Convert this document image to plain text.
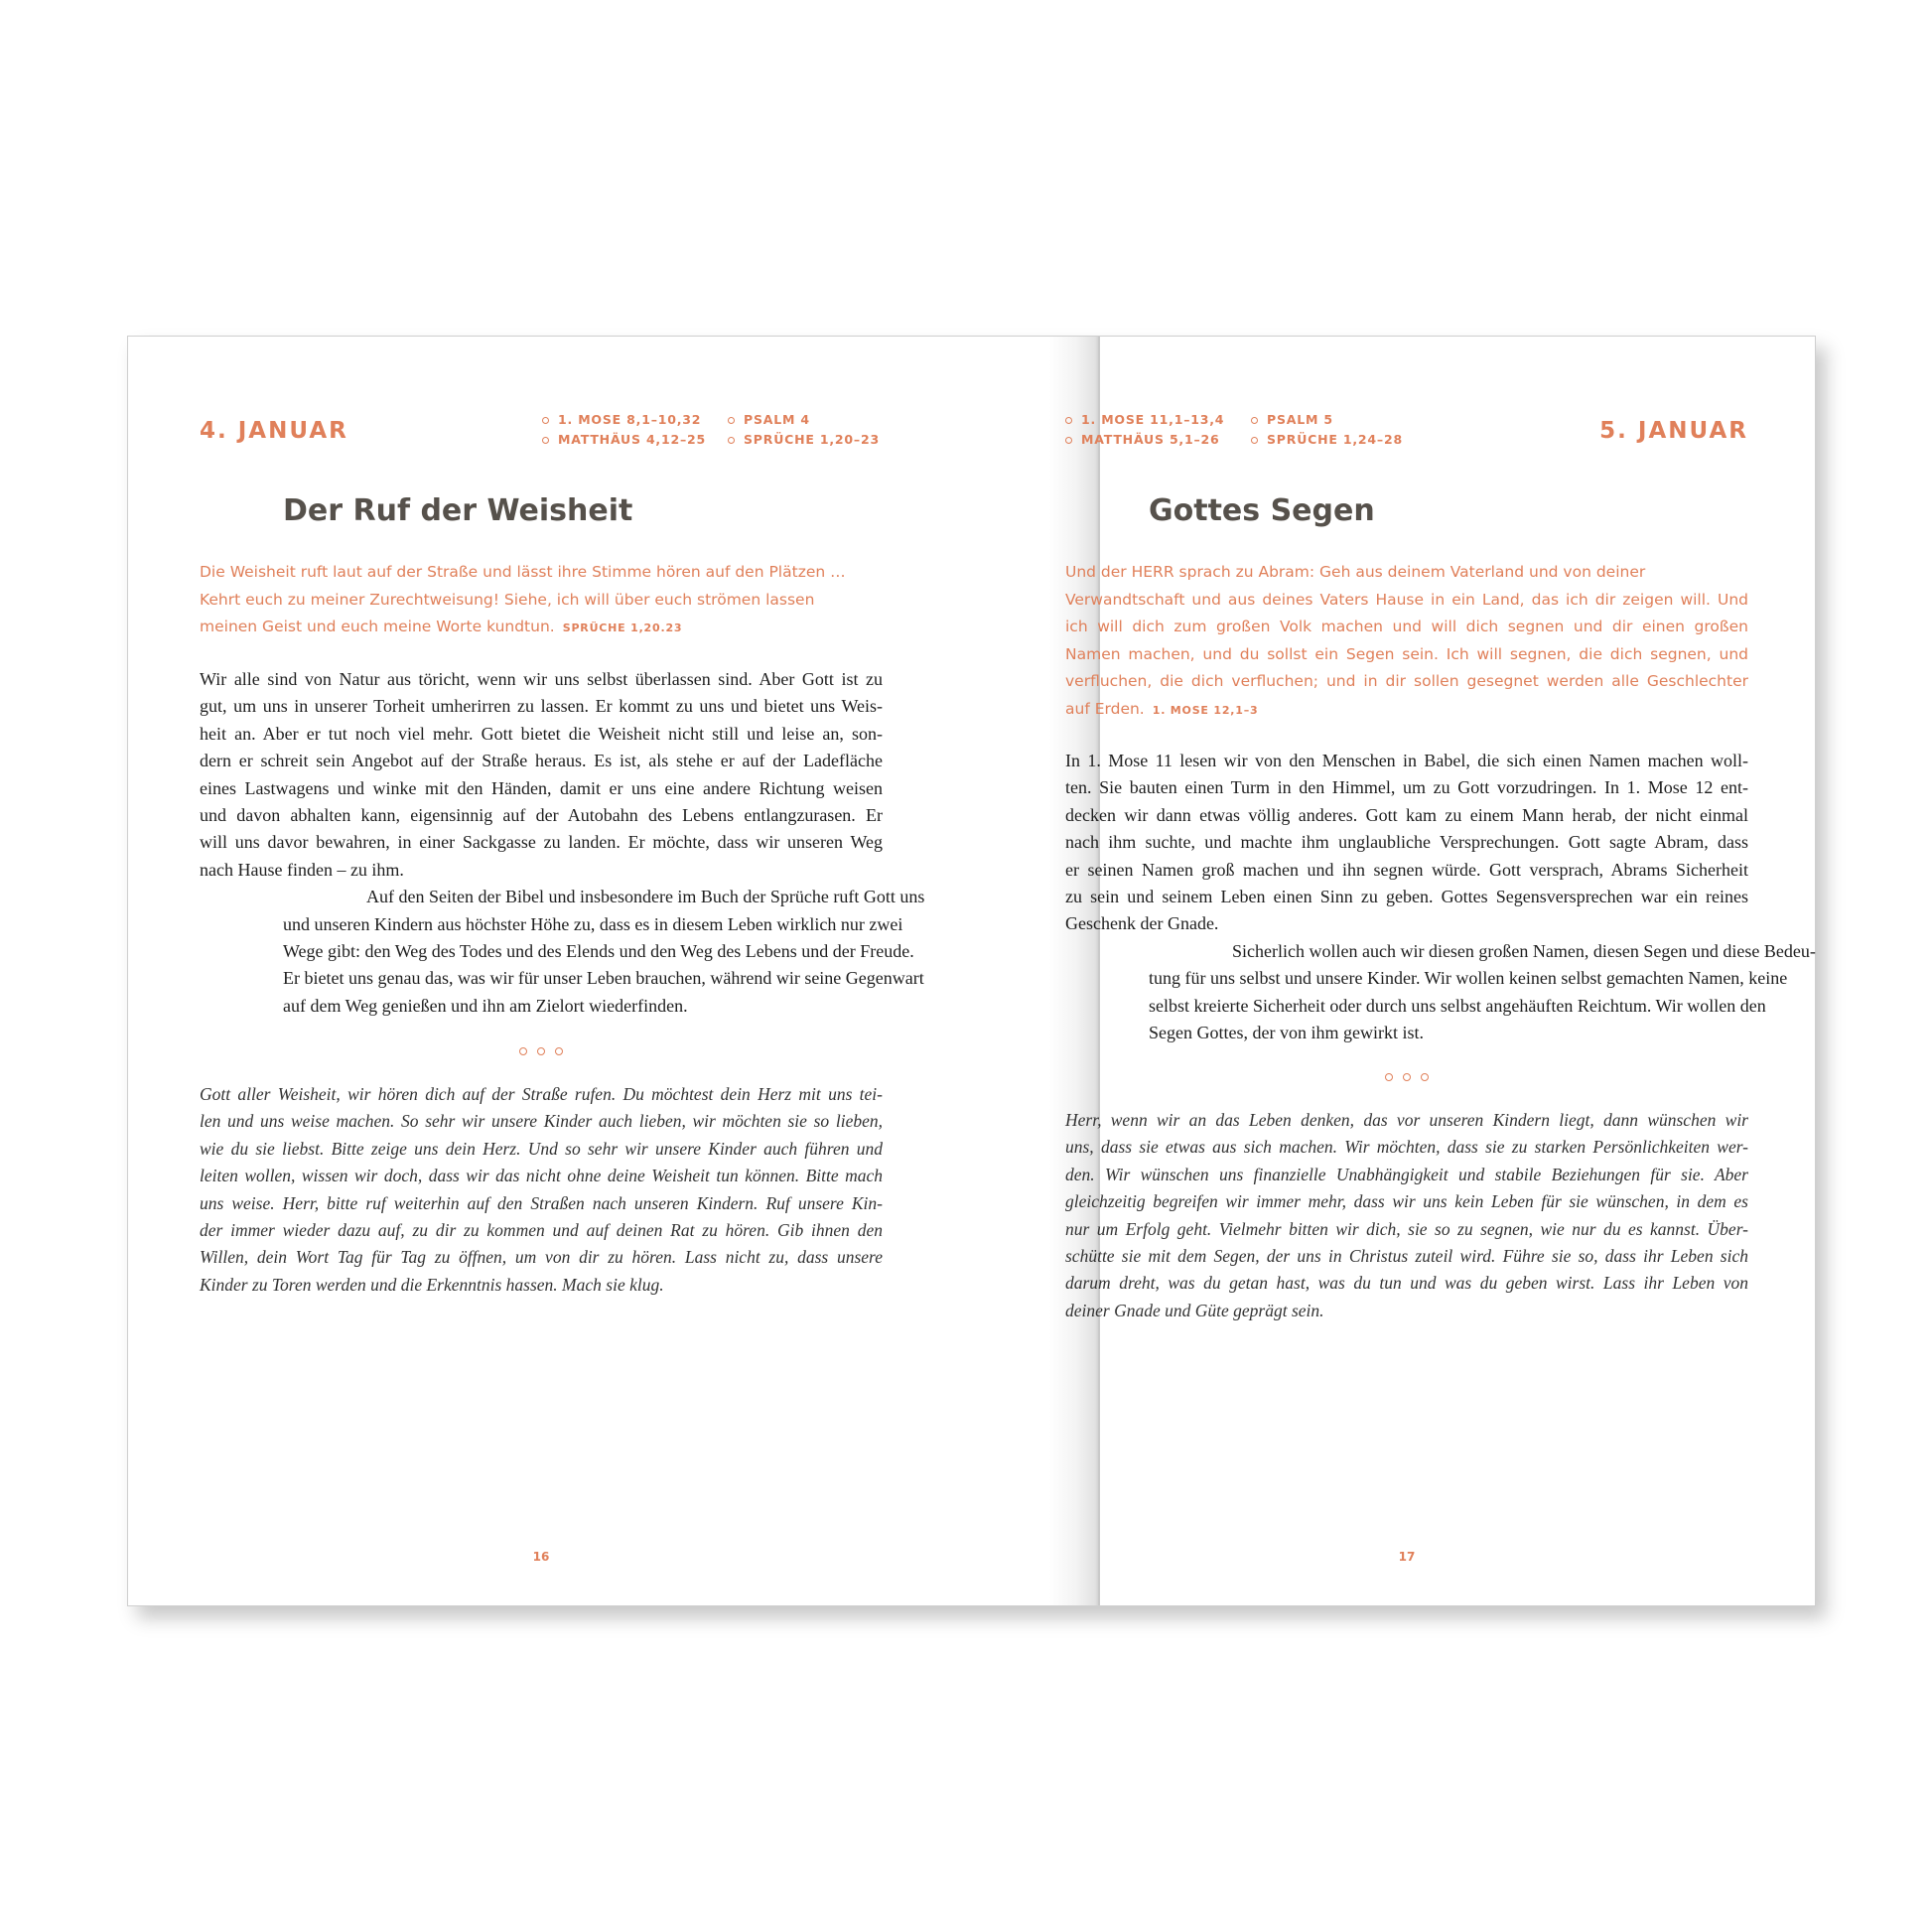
4. JANUAR	1. MOSE 8,1–10,32	PSALM 4
MATTHÄUS 4,12–25	SPRÜCHE 1,20–23
Der Ruf der Weisheit
Die Weisheit ruft laut auf der Straße und lässt ihre Stimme hören auf den Plätzen …
Kehrt euch zu meiner Zurechtweisung! Siehe, ich will über euch strömen lassen
meinen Geist und euch meine Worte kundtun. SPRÜCHE 1,20.23

Wir alle sind von Natur aus töricht, wenn wir uns selbst überlassen sind. Aber Gott ist zu
gut, um uns in unserer Torheit umherirren zu lassen. Er kommt zu uns und bietet uns Weis-
heit an. Aber er tut noch viel mehr. Gott bietet die Weisheit nicht still und leise an, son-
dern er schreit sein Angebot auf der Straße heraus. Es ist, als stehe er auf der Ladefläche
eines Lastwagens und winke mit den Händen, damit er uns eine andere Richtung weisen
und davon abhalten kann, eigensinnig auf der Autobahn des Lebens entlangzurasen. Er
will uns davor bewahren, in einer Sackgasse zu landen. Er möchte, dass wir unseren Weg
nach Hause finden – zu ihm.

Auf den Seiten der Bibel und insbesondere im Buch der Sprüche ruft Gott uns
und unseren Kindern aus höchster Höhe zu, dass es in diesem Leben wirklich nur zwei
Wege gibt: den Weg des Todes und des Elends und den Weg des Lebens und der Freude.
Er bietet uns genau das, was wir für unser Leben brauchen, während wir seine Gegenwart
auf dem Weg genießen und ihn am Zielort wiederfinden.

Gott aller Weisheit, wir hören dich auf der Straße rufen. Du möchtest dein Herz mit uns tei-
len und uns weise machen. So sehr wir unsere Kinder auch lieben, wir möchten sie so lieben,
wie du sie liebst. Bitte zeige uns dein Herz. Und so sehr wir unsere Kinder auch führen und
leiten wollen, wissen wir doch, dass wir das nicht ohne deine Weisheit tun können. Bitte mach
uns weise. Herr, bitte ruf weiterhin auf den Straßen nach unseren Kindern. Ruf unsere Kin-
der immer wieder dazu auf, zu dir zu kommen und auf deinen Rat zu hören. Gib ihnen den
Willen, dein Wort Tag für Tag zu öffnen, um von dir zu hören. Lass nicht zu, dass unsere
Kinder zu Toren werden und die Erkenntnis hassen. Mach sie klug.
16
1. MOSE 11,1–13,4	PSALM 5
MATTHÄUS 5,1–26	SPRÜCHE 1,24–28	5. JANUAR
Gottes Segen
Und der HERR sprach zu Abram: Geh aus deinem Vaterland und von deiner
Verwandtschaft und aus deines Vaters Hause in ein Land, das ich dir zeigen will. Und
ich will dich zum großen Volk machen und will dich segnen und dir einen großen
Namen machen, und du sollst ein Segen sein. Ich will segnen, die dich segnen, und
verfluchen, die dich verfluchen; und in dir sollen gesegnet werden alle Geschlechter
auf Erden. 1. MOSE 12,1–3

In 1. Mose 11 lesen wir von den Menschen in Babel, die sich einen Namen machen woll-
ten. Sie bauten einen Turm in den Himmel, um zu Gott vorzudringen. In 1. Mose 12 ent-
decken wir dann etwas völlig anderes. Gott kam zu einem Mann herab, der nicht einmal
nach ihm suchte, und machte ihm unglaubliche Versprechungen. Gott sagte Abram, dass
er seinen Namen groß machen und ihn segnen würde. Gott versprach, Abrams Sicherheit
zu sein und seinem Leben einen Sinn zu geben. Gottes Segensversprechen war ein reines
Geschenk der Gnade.

Sicherlich wollen auch wir diesen großen Namen, diesen Segen und diese Bedeu-
tung für uns selbst und unsere Kinder. Wir wollen keinen selbst gemachten Namen, keine
selbst kreierte Sicherheit oder durch uns selbst angehäuften Reichtum. Wir wollen den
Segen Gottes, der von ihm gewirkt ist.

Herr, wenn wir an das Leben denken, das vor unseren Kindern liegt, dann wünschen wir
uns, dass sie etwas aus sich machen. Wir möchten, dass sie zu starken Persönlichkeiten wer-
den. Wir wünschen uns finanzielle Unabhängigkeit und stabile Beziehungen für sie. Aber
gleichzeitig begreifen wir immer mehr, dass wir uns kein Leben für sie wünschen, in dem es
nur um Erfolg geht. Vielmehr bitten wir dich, sie so zu segnen, wie nur du es kannst. Über-
schütte sie mit dem Segen, der uns in Christus zuteil wird. Führe sie so, dass ihr Leben sich
darum dreht, was du getan hast, was du tun und was du geben wirst. Lass ihr Leben von
deiner Gnade und Güte geprägt sein.
17
